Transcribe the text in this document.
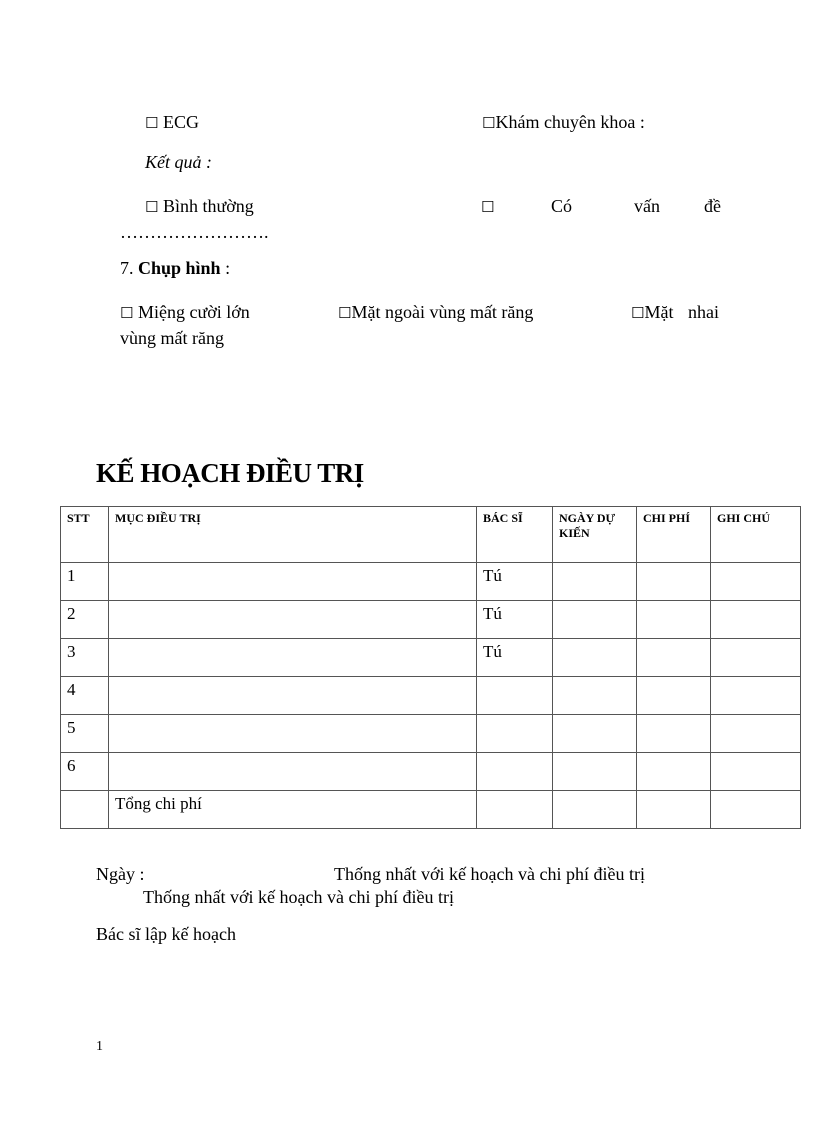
☐ ECG	☐Khám chuyên khoa :
Kết quả :
☐ Bình thường	☐	Có	vấn đề
…………………….
7. Chụp hình :
☐ Miệng cười lớn	☐Mặt ngoài vùng mất răng	☐Mặt nhai
vùng mất răng
KẾ HOẠCH ĐIỀU TRỊ
STT	MỤC ĐIỀU TRỊ	BÁC SĨ	NGÀY DỰ KIẾN	CHI PHÍ	GHI CHÚ
1		Tú			
2		Tú			
3		Tú			
4					
5					
6					
	Tổng chi phí				
Ngày :	Thống nhất với kế hoạch và chi phí điều trị
Thống nhất với kế hoạch và chi phí điều trị
Bác sĩ lập kế hoạch
1
